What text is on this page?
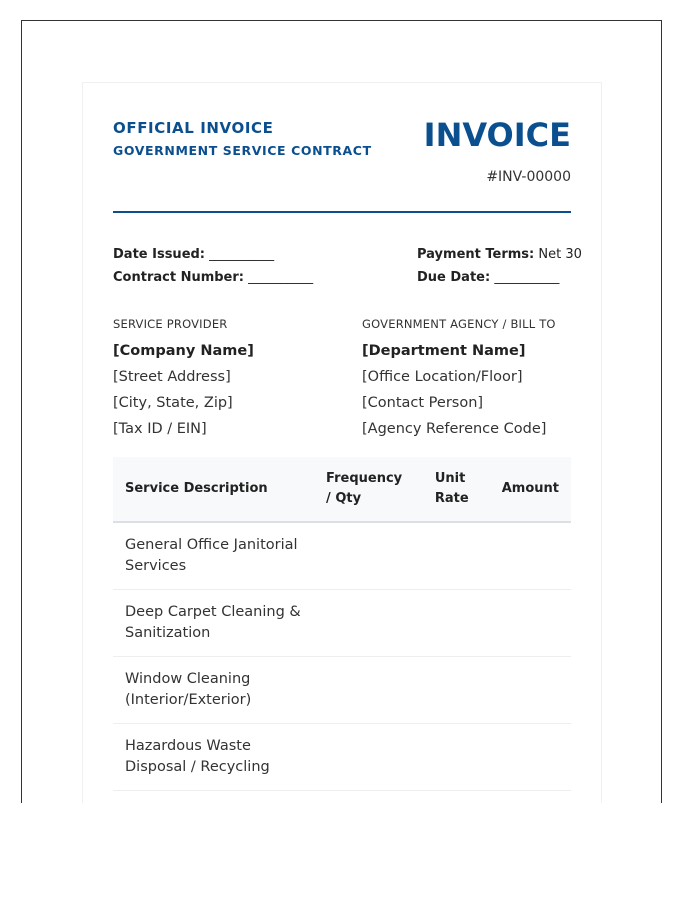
OFFICIAL INVOICE
GOVERNMENT SERVICE CONTRACT INVOICE
#INV-00000
Date Issued: __________
Contract Number: __________
Payment Terms: Net 30
Due Date: __________
SERVICE PROVIDER
[Company Name]
[Street Address]
[City, State, Zip]
[Tax ID / EIN]
GOVERNMENT AGENCY / BILL TO
[Department Name]
[Office Location/Floor]
[Contact Person]
[Agency Reference Code]
Service Description	Frequency / Qty	Unit Rate	Amount
General Office Janitorial Services			
Deep Carpet Cleaning & Sanitization			
Window Cleaning (Interior/Exterior)			
Hazardous Waste Disposal / Recycling			
